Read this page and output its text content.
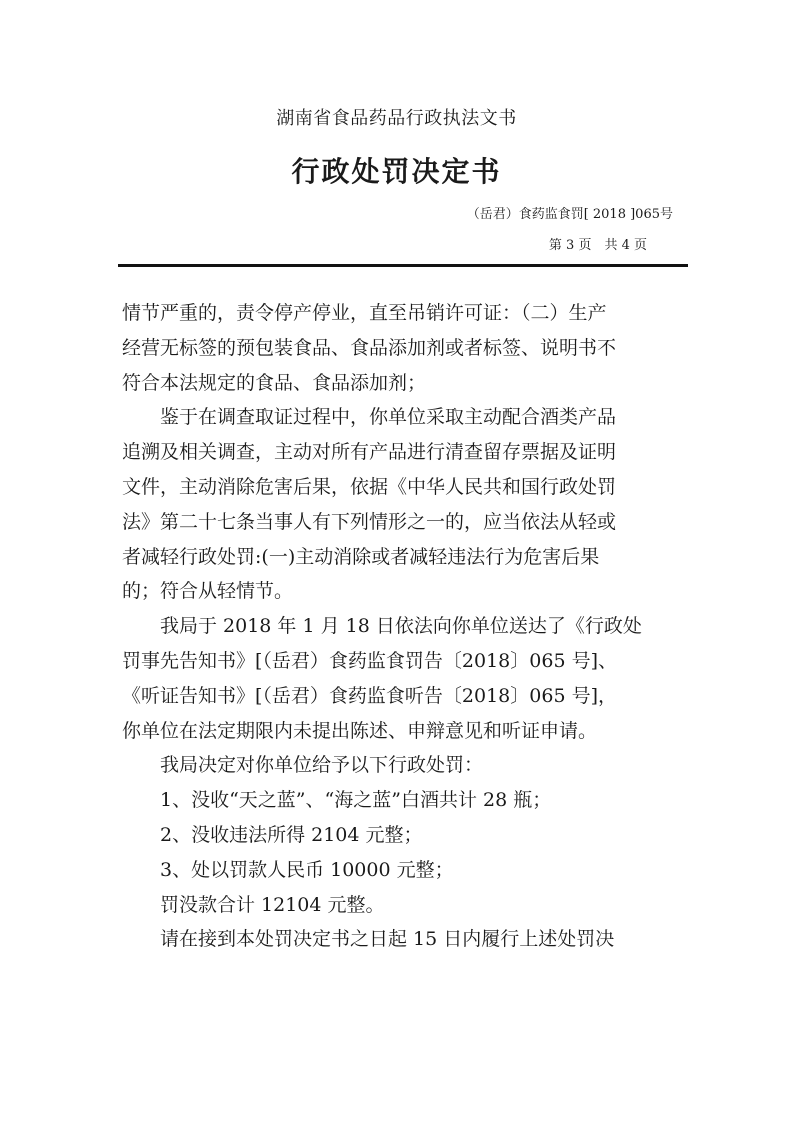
湖南省食品药品行政执法文书
行政处罚决定书
（岳君）食药监食罚[ 2018 ]065号
第 3 页　共 4 页
情节严重的，责令停产停业，直至吊销许可证：（二）生产
经营无标签的预包装食品、食品添加剂或者标签、说明书不
符合本法规定的食品、食品添加剂；
　　鉴于在调查取证过程中，你单位采取主动配合酒类产品
追溯及相关调查，主动对所有产品进行清查留存票据及证明
文件，主动消除危害后果，依据《中华人民共和国行政处罚
法》第二十七条当事人有下列情形之一的，应当依法从轻或
者减轻行政处罚:(一)主动消除或者减轻违法行为危害后果
的；符合从轻情节。
　　我局于 2018 年 1 月 18 日依法向你单位送达了《行政处
罚事先告知书》[（岳君）食药监食罚告〔2018〕065 号]、
《听证告知书》[（岳君）食药监食听告〔2018〕065 号]，
你单位在法定期限内未提出陈述、申辩意见和听证申请。
　　我局决定对你单位给予以下行政处罚：
　　1、没收“天之蓝”、“海之蓝”白酒共计 28 瓶；
　　2、没收违法所得 2104 元整；
　　3、处以罚款人民币 10000 元整；
　　罚没款合计 12104 元整。
　　请在接到本处罚决定书之日起 15 日内履行上述处罚决
